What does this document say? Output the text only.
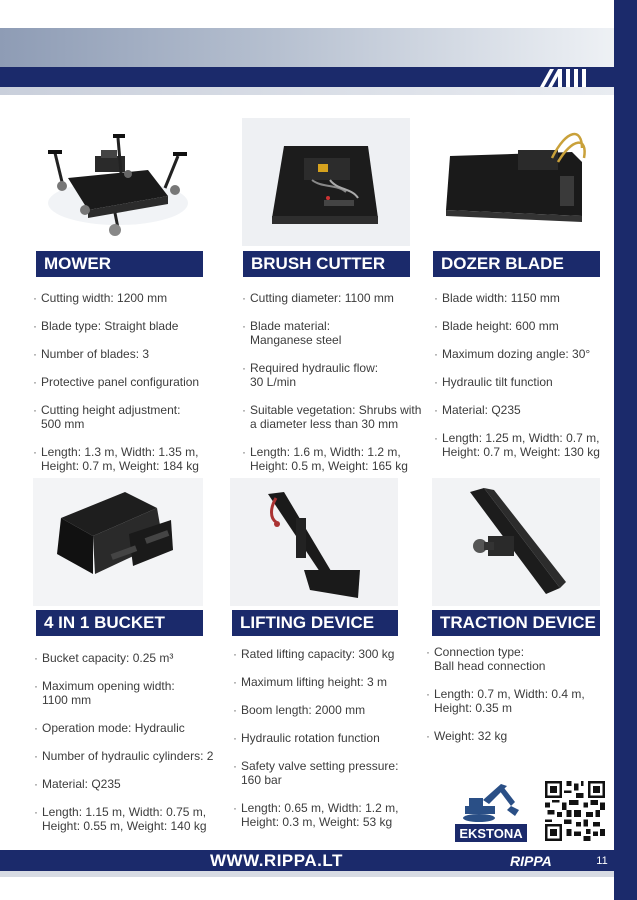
MOWER	BRUSH CUTTER	DOZER BLADE
· Cutting width: 1200 mm
· Blade type: Straight blade
· Number of blades: 3
· Protective panel configuration
· Cutting height adjustment:
500 mm
· Length: 1.3 m, Width: 1.35 m,
Height: 0.7 m, Weight: 184 kg
· Cutting diameter: 1100 mm
· Blade material:
Manganese steel
· Required hydraulic flow:
30 L/min
· Suitable vegetation: Shrubs with
a diameter less than 30 mm
· Length: 1.6 m, Width: 1.2 m,
Height: 0.5 m, Weight: 165 kg
· Blade width: 1150 mm
· Blade height: 600 mm
· Maximum dozing angle: 30°
· Hydraulic tilt function
· Material: Q235
· Length: 1.25 m, Width: 0.7 m,
Height: 0.7 m, Weight: 130 kg
4 IN 1 BUCKET	LIFTING DEVICE	TRACTION DEVICE
· Bucket capacity: 0.25 m³
· Maximum opening width:
1100 mm
· Operation mode: Hydraulic
· Number of hydraulic cylinders: 2
· Material: Q235
· Length: 1.15 m, Width: 0.75 m,
Height: 0.55 m, Weight: 140 kg
· Rated lifting capacity: 300 kg
· Maximum lifting height: 3 m
· Boom length: 2000 mm
· Hydraulic rotation function
· Safety valve setting pressure:
160 bar
· Length: 0.65 m, Width: 1.2 m,
Height: 0.3 m, Weight: 53 kg
· Connection type:
Ball head connection
· Length: 0.7 m, Width: 0.4 m,
Height: 0.35 m
· Weight: 32 kg
EKSTONA
WWW.RIPPA.LT	RIPPA	11
